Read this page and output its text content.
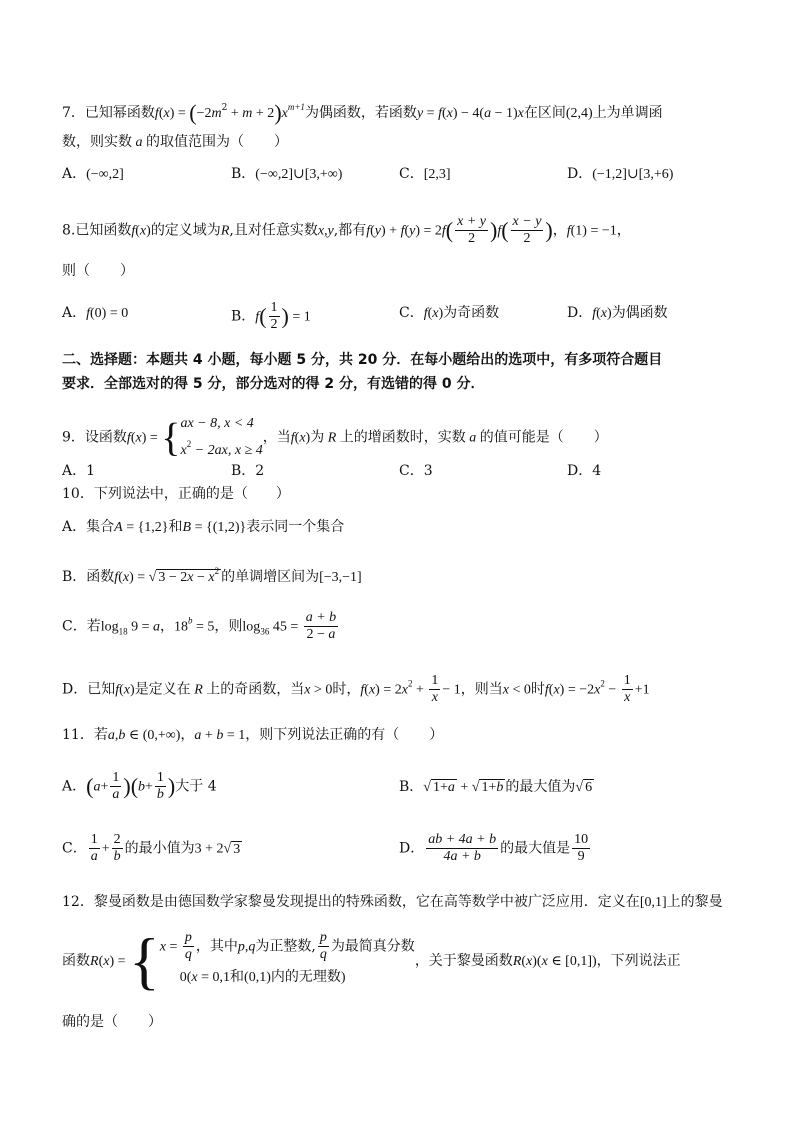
7．已知幂函数$f(x) = (-2m^2 + m + 2)x^{m+1}$为偶函数，若函数y = f(x) − 4(a − 1)x在区间(2,4)上为单调函
数，则实数 a 的取值范围为（ ）
A．(−∞,2]	B．(−∞,2]∪[3,+∞)	C．[2,3]	D．(−1,2]∪[3,+6)
8.已知函数f(x)的定义域为R,且对任意实数x,y,都有$f(y) + f(y) = 2f( \frac{x + y}{2} )f( \frac{x - y}{2}$ )，f(1) = −1，
则（ ）
A．f(0) = 0	B．$f( \frac{1}{2}$ ) = 1	C．f(x)为奇函数	D．f(x)为偶函数
二、选择题：本题共 4 小题，每小题 5 分，共 20 分．在每小题给出的选项中，有多项符合题目
要求．全部选对的得 5 分，部分选对的得 2 分，有选错的得 0 分．
9．设函数f(x) = { ax − 8, x < 4
$x^2 - 2ax$, x ≥ 4
，当f(x)为 R 上的增函数时，实数 a 的值可能是（ ）
A．1	B．2	C．3	D．4
10．下列说法中，正确的是（　　）
A．集合A = {1,2}和B = {(1,2)}表示同一个集合
B．函数f(x) = √ $3 - 2x - x^2$ 的单调增区间为[−3,−1]
C．若$\log_{18} 9 = a$，$18^b = 5$，则$\log_{36} 45 = \frac{a + b}{2 - a}$
D．已知f(x)是定义在 R 上的奇函数，当x > 0时，$f(x) = 2x^2 + \frac{1}{x} - 1$，则当x < 0时$f(x) = -2x^2 - \frac{1}{x} +1$
11．若a,b ∈ (0,+∞)，a + b = 1，则下列说法正确的有（ ）
A．$(a+ \frac{1}{a} )(b+ \frac{1}{b}$ )大于 4	B．√ 1+a + √ 1+b 的最大值为√ 6
C． $\frac{1}{a} + \frac{2}{b}$ 的最小值为3 + 2√ 3	D． $\frac{ab + 4a + b}{4a + b}$ 的最大值是 $\frac{10}{9}$
12．黎曼函数是由德国数学家黎曼发现提出的特殊函数，它在高等数学中被广泛应用．定义在[0,1]上的黎曼
函数R(x) = { $x = \frac{p}{q}$ ，其中p,q为正整数, $\frac{p}{q}$ 为最简真分数
0(x = 0,1和(0,1)内的无理数)
，关于黎曼函数R(x)(x ∈ [0,1])，下列说法正
确的是（ ）
